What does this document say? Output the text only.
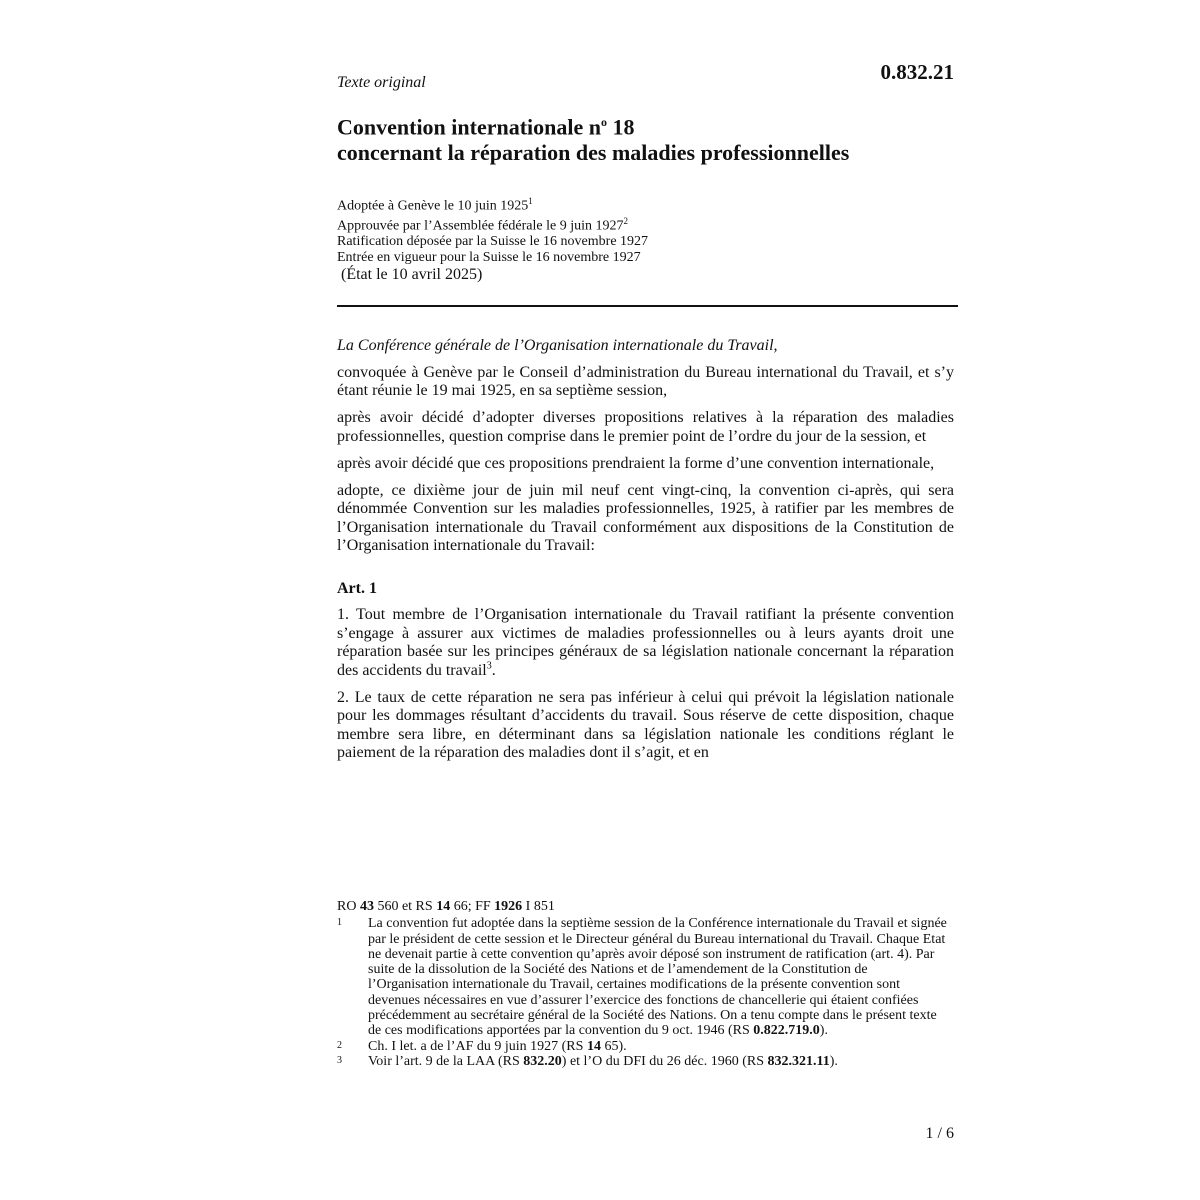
0.832.21
Texte original
Convention internationale $n^o$ 18
concernant la réparation des maladies professionnelles
Adoptée à Genève le 10 juin 1925$^1$
Approuvée par l’Assemblée fédérale le 9 juin 1927$^2$
Ratification déposée par la Suisse le 16 novembre 1927
Entrée en vigueur pour la Suisse le 16 novembre 1927
(État le 10 avril 2025)

La Conférence générale de l’Organisation internationale du Travail,

convoquée à Genève par le Conseil d’administration du Bureau international du Travail, et s’y étant réunie le 19 mai 1925, en sa septième session,

après avoir décidé d’adopter diverses propositions relatives à la réparation des maladies professionnelles, question comprise dans le premier point de l’ordre du jour de la session, et

après avoir décidé que ces propositions prendraient la forme d’une convention internationale,

adopte, ce dixième jour de juin mil neuf cent vingt-cinq, la convention ci-après, qui sera dénommée Convention sur les maladies professionnelles, 1925, à ratifier par les membres de l’Organisation internationale du Travail conformément aux dispositions de la Constitution de l’Organisation internationale du Travail:

Art. 1

1. Tout membre de l’Organisation internationale du Travail ratifiant la présente convention s’engage à assurer aux victimes de maladies professionnelles ou à leurs ayants droit une réparation basée sur les principes généraux de sa législation nationale concernant la réparation des accidents du travail$^3$.

2. Le taux de cette réparation ne sera pas inférieur à celui qui prévoit la législation nationale pour les dommages résultant d’accidents du travail. Sous réserve de cette disposition, chaque membre sera libre, en déterminant dans sa législation nationale les conditions réglant le paiement de la réparation des maladies dont il s’agit, et en

RO 43 560 et RS 14 66; FF 1926 I 851
1	La convention fut adoptée dans la septième session de la Conférence internationale du Travail et signée par le président de cette session et le Directeur général du Bureau international du Travail. Chaque Etat ne devenait partie à cette convention qu’après avoir déposé son instrument de ratification (art. 4). Par suite de la dissolution de la Société des Nations et de l’amendement de la Constitution de l’Organisation internationale du Travail, certaines modifications de la présente convention sont devenues nécessaires en vue d’assurer l’exercice des fonctions de chancellerie qui étaient confiées précédemment au secrétaire général de la Société des Nations. On a tenu compte dans le présent texte de ces modifications apportées par la convention du 9 oct. 1946 (RS 0.822.719.0).
2	Ch. I let. a de l’AF du 9 juin 1927 (RS 14 65).
3	Voir l’art. 9 de la LAA (RS 832.20) et l’O du DFI du 26 déc. 1960 (RS 832.321.11).
1 / 6
